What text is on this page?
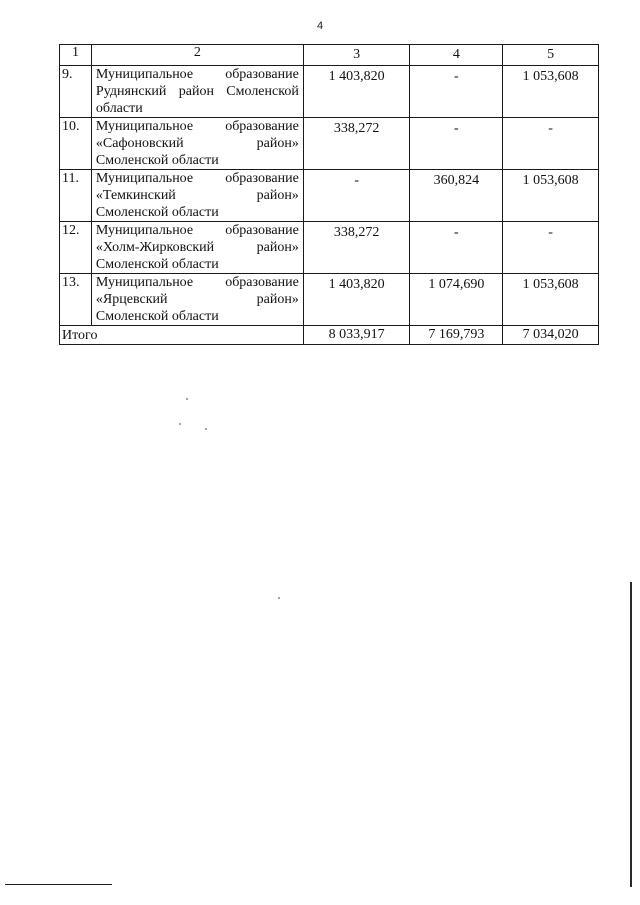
4
1	2	3	4	5
9.	Муниципальное образование
Руднянский район Смоленской
области	1 403,820	-	1 053,608
10.	Муниципальное образование
«Сафоновский район»
Смоленской области	338,272	-	-
11.	Муниципальное образование
«Темкинский район»
Смоленской области	-	360,824	1 053,608
12.	Муниципальное образование
«Холм-Жирковский район»
Смоленской области	338,272	-	-
13.	Муниципальное образование
«Ярцевский район»
Смоленской области	1 403,820	1 074,690	1 053,608
Итого		8 033,917	7 169,793	7 034,020
